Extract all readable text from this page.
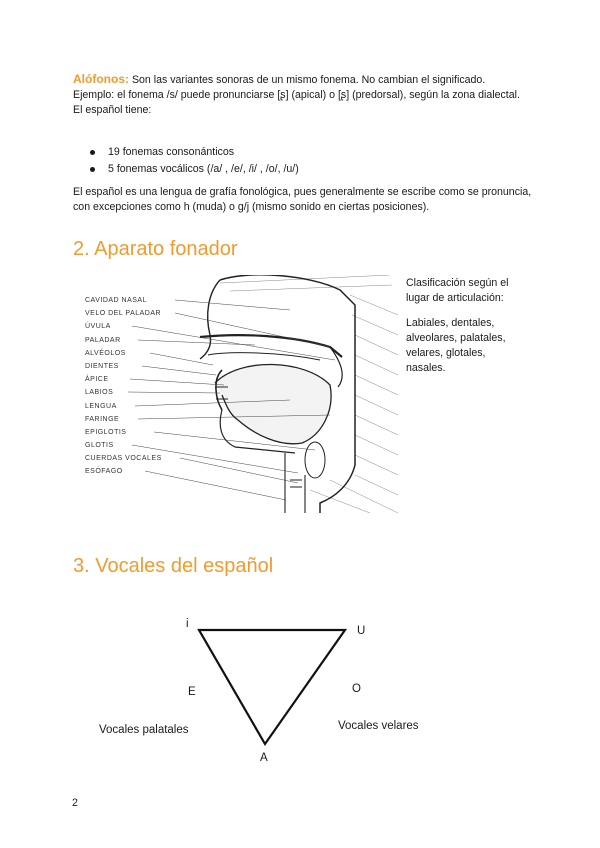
Alófonos: Son las variantes sonoras de un mismo fonema. No cambian el significado.
Ejemplo: el fonema /s/ puede pronunciarse [ʂ] (apical) o [ʂ] (predorsal), según la zona dialectal.
El español tiene:
19 fonemas consonánticos
5 fonemas vocálicos (/a/ , /e/, /i/ , /o/, /u/)
El español es una lengua de grafía fonológica, pues generalmente se escribe como se pronuncia, con excepciones como h (muda) o g/j (mismo sonido en ciertas posiciones).
2. Aparato fonador
CAVIDAD NASAL
VELO DEL PALADAR
ÚVULA
PALADAR
ALVÉOLOS
DIENTES
ÁPICE
LABIOS
LENGUA
FARINGE
EPIGLOTIS
GLOTIS
CUERDAS VOCALES
ESÓFAGO
Clasificación según el lugar de articulación:
Labiales, dentales, alveolares, palatales, velares, glotales, nasales.
3. Vocales del español
i
U
E	O
A
Vocales palatales	Vocales velares
2
